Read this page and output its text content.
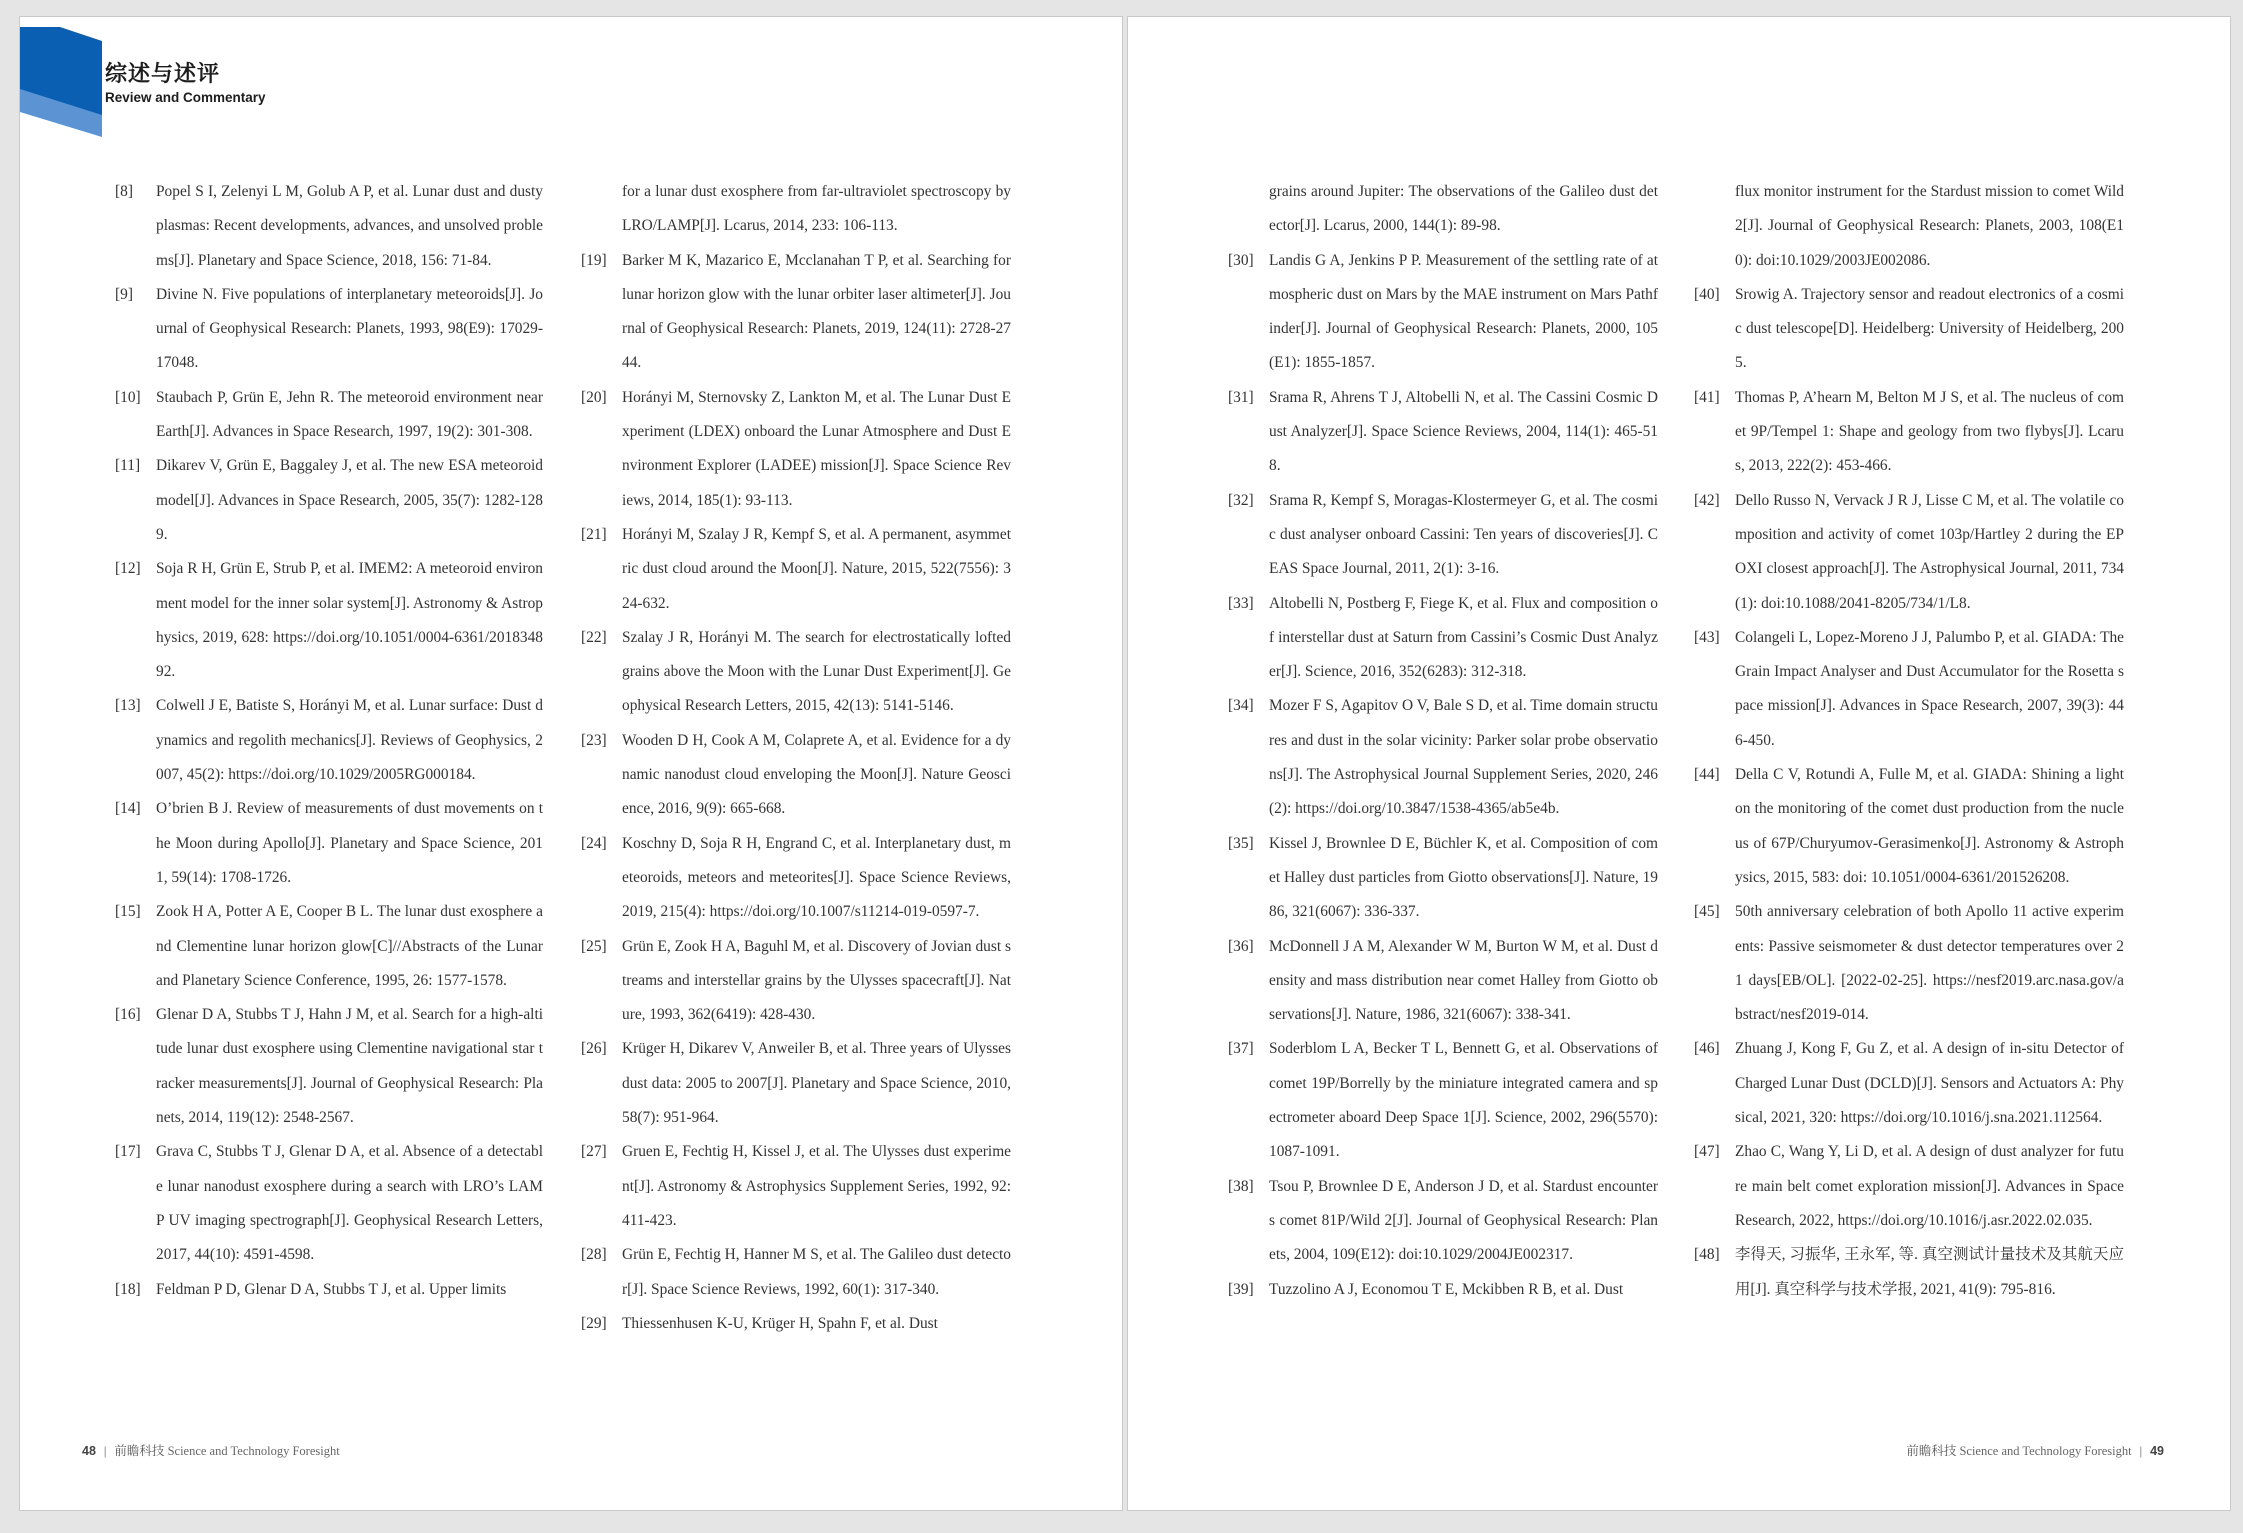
综述与述评
Review and Commentary
[8] Popel S I, Zelenyi L M, Golub A P, et al. Lunar dust and dusty plasmas: Recent developments, advances, and unsolved problems[J]. Planetary and Space Science, 2018, 156: 71-84.
[9] Divine N. Five populations of interplanetary meteoroids[J]. Journal of Geophysical Research: Planets, 1993, 98(E9): 17029-17048.
[10] Staubach P, Grün E, Jehn R. The meteoroid environment near Earth[J]. Advances in Space Research, 1997, 19(2): 301-308.
[11] Dikarev V, Grün E, Baggaley J, et al. The new ESA meteoroid model[J]. Advances in Space Research, 2005, 35(7): 1282-1289.
[12] Soja R H, Grün E, Strub P, et al. IMEM2: A meteoroid environment model for the inner solar system[J]. Astronomy & Astrophysics, 2019, 628: https://doi.org/10.1051/0004-6361/201834892.
[13] Colwell J E, Batiste S, Horányi M, et al. Lunar surface: Dust dynamics and regolith mechanics[J]. Reviews of Geophysics, 2007, 45(2): https://doi.org/10.1029/2005RG000184.
[14] O’brien B J. Review of measurements of dust movements on the Moon during Apollo[J]. Planetary and Space Science, 2011, 59(14): 1708-1726.
[15] Zook H A, Potter A E, Cooper B L. The lunar dust exosphere and Clementine lunar horizon glow[C]//Abstracts of the Lunar and Planetary Science Conference, 1995, 26: 1577-1578.
[16] Glenar D A, Stubbs T J, Hahn J M, et al. Search for a high-altitude lunar dust exosphere using Clementine navigational star tracker measurements[J]. Journal of Geophysical Research: Planets, 2014, 119(12): 2548-2567.
[17] Grava C, Stubbs T J, Glenar D A, et al. Absence of a detectable lunar nanodust exosphere during a search with LRO’s LAMP UV imaging spectrograph[J]. Geophysical Research Letters, 2017, 44(10): 4591-4598.
[18] Feldman P D, Glenar D A, Stubbs T J, et al. Upper limits
for a lunar dust exosphere from far-ultraviolet spectroscopy by LRO/LAMP[J]. Lcarus, 2014, 233: 106-113.
[19] Barker M K, Mazarico E, Mcclanahan T P, et al. Searching for lunar horizon glow with the lunar orbiter laser altimeter[J]. Journal of Geophysical Research: Planets, 2019, 124(11): 2728-2744.
[20] Horányi M, Sternovsky Z, Lankton M, et al. The Lunar Dust Experiment (LDEX) onboard the Lunar Atmosphere and Dust Environment Explorer (LADEE) mission[J]. Space Science Reviews, 2014, 185(1): 93-113.
[21] Horányi M, Szalay J R, Kempf S, et al. A permanent, asymmetric dust cloud around the Moon[J]. Nature, 2015, 522(7556): 324-632.
[22] Szalay J R, Horányi M. The search for electrostatically lofted grains above the Moon with the Lunar Dust Experiment[J]. Geophysical Research Letters, 2015, 42(13): 5141-5146.
[23] Wooden D H, Cook A M, Colaprete A, et al. Evidence for a dynamic nanodust cloud enveloping the Moon[J]. Nature Geoscience, 2016, 9(9): 665-668.
[24] Koschny D, Soja R H, Engrand C, et al. Interplanetary dust, meteoroids, meteors and meteorites[J]. Space Science Reviews, 2019, 215(4): https://doi.org/10.1007/s11214-019-0597-7.
[25] Grün E, Zook H A, Baguhl M, et al. Discovery of Jovian dust streams and interstellar grains by the Ulysses spacecraft[J]. Nature, 1993, 362(6419): 428-430.
[26] Krüger H, Dikarev V, Anweiler B, et al. Three years of Ulysses dust data: 2005 to 2007[J]. Planetary and Space Science, 2010, 58(7): 951-964.
[27] Gruen E, Fechtig H, Kissel J, et al. The Ulysses dust experiment[J]. Astronomy & Astrophysics Supplement Series, 1992, 92: 411-423.
[28] Grün E, Fechtig H, Hanner M S, et al. The Galileo dust detector[J]. Space Science Reviews, 1992, 60(1): 317-340.
[29] Thiessenhusen K-U, Krüger H, Spahn F, et al. Dust
48 | 前瞻科技 Science and Technology Foresight
grains around Jupiter: The observations of the Galileo dust detector[J]. Lcarus, 2000, 144(1): 89-98.
[30] Landis G A, Jenkins P P. Measurement of the settling rate of atmospheric dust on Mars by the MAE instrument on Mars Pathfinder[J]. Journal of Geophysical Research: Planets, 2000, 105(E1): 1855-1857.
[31] Srama R, Ahrens T J, Altobelli N, et al. The Cassini Cosmic Dust Analyzer[J]. Space Science Reviews, 2004, 114(1): 465-518.
[32] Srama R, Kempf S, Moragas-Klostermeyer G, et al. The cosmic dust analyser onboard Cassini: Ten years of discoveries[J]. CEAS Space Journal, 2011, 2(1): 3-16.
[33] Altobelli N, Postberg F, Fiege K, et al. Flux and composition of interstellar dust at Saturn from Cassini’s Cosmic Dust Analyzer[J]. Science, 2016, 352(6283): 312-318.
[34] Mozer F S, Agapitov O V, Bale S D, et al. Time domain structures and dust in the solar vicinity: Parker solar probe observations[J]. The Astrophysical Journal Supplement Series, 2020, 246(2): https://doi.org/10.3847/1538-4365/ab5e4b.
[35] Kissel J, Brownlee D E, Büchler K, et al. Composition of comet Halley dust particles from Giotto observations[J]. Nature, 1986, 321(6067): 336-337.
[36] McDonnell J A M, Alexander W M, Burton W M, et al. Dust density and mass distribution near comet Halley from Giotto observations[J]. Nature, 1986, 321(6067): 338-341.
[37] Soderblom L A, Becker T L, Bennett G, et al. Observations of comet 19P/Borrelly by the miniature integrated camera and spectrometer aboard Deep Space 1[J]. Science, 2002, 296(5570): 1087-1091.
[38] Tsou P, Brownlee D E, Anderson J D, et al. Stardust encounters comet 81P/Wild 2[J]. Journal of Geophysical Research: Planets, 2004, 109(E12): doi:10.1029/2004JE002317.
[39] Tuzzolino A J, Economou T E, Mckibben R B, et al. Dust
flux monitor instrument for the Stardust mission to comet Wild 2[J]. Journal of Geophysical Research: Planets, 2003, 108(E10): doi:10.1029/2003JE002086.
[40] Srowig A. Trajectory sensor and readout electronics of a cosmic dust telescope[D]. Heidelberg: University of Heidelberg, 2005.
[41] Thomas P, A’hearn M, Belton M J S, et al. The nucleus of comet 9P/Tempel 1: Shape and geology from two flybys[J]. Lcarus, 2013, 222(2): 453-466.
[42] Dello Russo N, Vervack J R J, Lisse C M, et al. The volatile composition and activity of comet 103p/Hartley 2 during the EPOXI closest approach[J]. The Astrophysical Journal, 2011, 734(1): doi:10.1088/2041-8205/734/1/L8.
[43] Colangeli L, Lopez-Moreno J J, Palumbo P, et al. GIADA: The Grain Impact Analyser and Dust Accumulator for the Rosetta space mission[J]. Advances in Space Research, 2007, 39(3): 446-450.
[44] Della C V, Rotundi A, Fulle M, et al. GIADA: Shining a light on the monitoring of the comet dust production from the nucleus of 67P/Churyumov-Gerasimenko[J]. Astronomy & Astrophysics, 2015, 583: doi: 10.1051/0004-6361/201526208.
[45] 50th anniversary celebration of both Apollo 11 active experiments: Passive seismometer & dust detector temperatures over 21 days[EB/OL]. [2022-02-25]. https://nesf2019.arc.nasa.gov/abstract/nesf2019-014.
[46] Zhuang J, Kong F, Gu Z, et al. A design of in-situ Detector of Charged Lunar Dust (DCLD)[J]. Sensors and Actuators A: Physical, 2021, 320: https://doi.org/10.1016/j.sna.2021.112564.
[47] Zhao C, Wang Y, Li D, et al. A design of dust analyzer for future main belt comet exploration mission[J]. Advances in Space Research, 2022, https://doi.org/10.1016/j.asr.2022.02.035.
[48] 李得天, 习振华, 王永军, 等. 真空测试计量技术及其航天应用[J]. 真空科学与技术学报, 2021, 41(9): 795-816.
前瞻科技 Science and Technology Foresight | 49
